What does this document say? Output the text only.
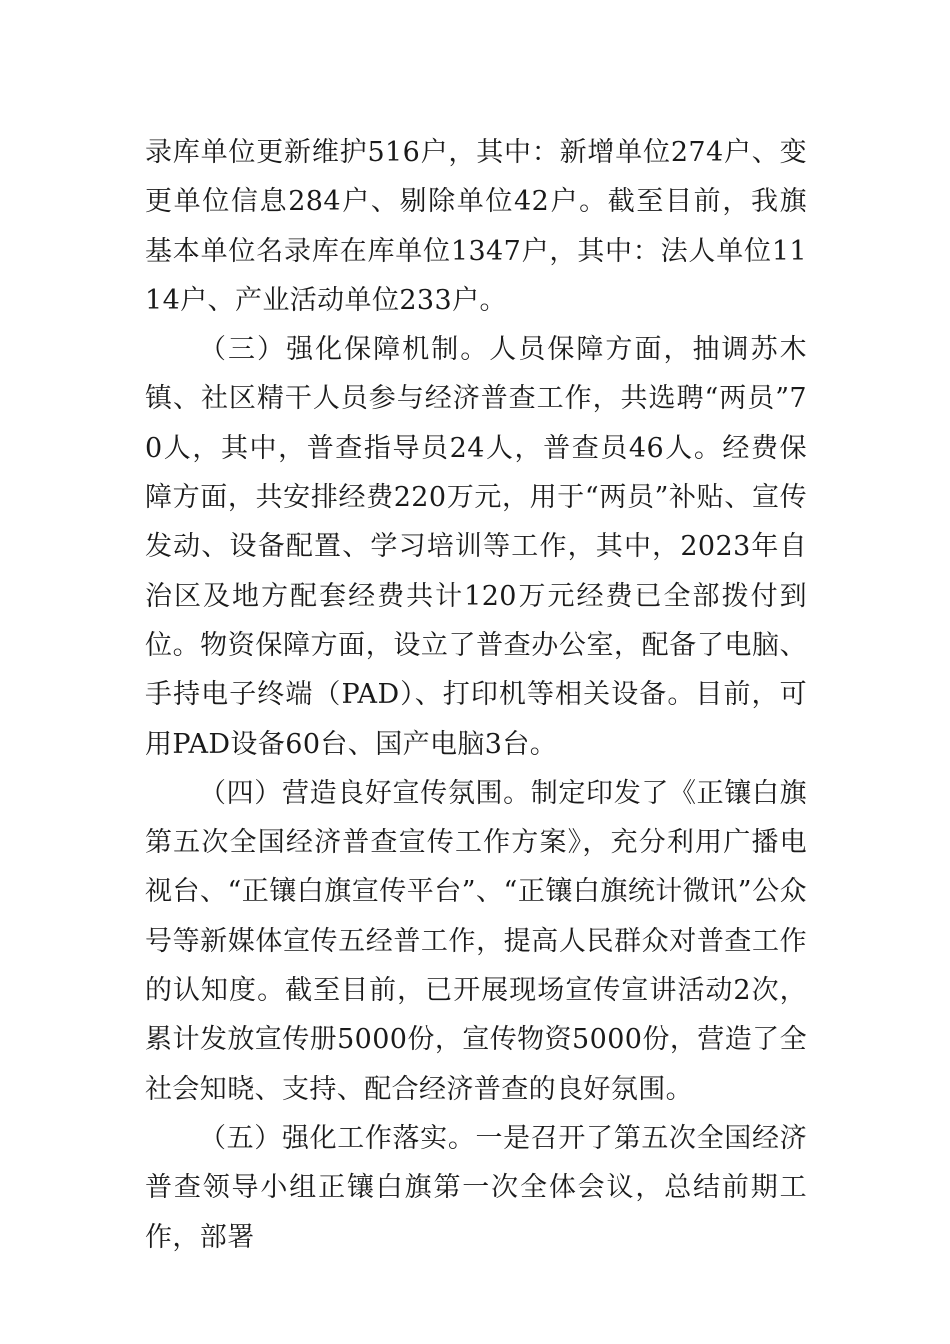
录库单位更新维护516户，其中：新增单位274户、变更单位信息284户、剔除单位42户。截至目前，我旗基本单位名录库在库单位1347户，其中：法人单位1114户、产业活动单位233户。

（三）强化保障机制。人员保障方面，抽调苏木镇、社区精干人员参与经济普查工作，共选聘“两员”70人，其中，普查指导员24人，普查员46人。经费保障方面，共安排经费220万元，用于“两员”补贴、宣传发动、设备配置、学习培训等工作，其中，2023年自治区及地方配套经费共计120万元经费已全部拨付到位。物资保障方面，设立了普查办公室，配备了电脑、手持电子终端（PAD）、打印机等相关设备。目前，可用PAD设备60台、国产电脑3台。

（四）营造良好宣传氛围。制定印发了《正镶白旗第五次全国经济普查宣传工作方案》，充分利用广播电视台、“正镶白旗宣传平台”、“正镶白旗统计微讯”公众号等新媒体宣传五经普工作，提高人民群众对普查工作的认知度。截至目前，已开展现场宣传宣讲活动2次，累计发放宣传册5000份，宣传物资5000份，营造了全社会知晓、支持、配合经济普查的良好氛围。

（五）强化工作落实。一是召开了第五次全国经济普查领导小组正镶白旗第一次全体会议，总结前期工作，部署
